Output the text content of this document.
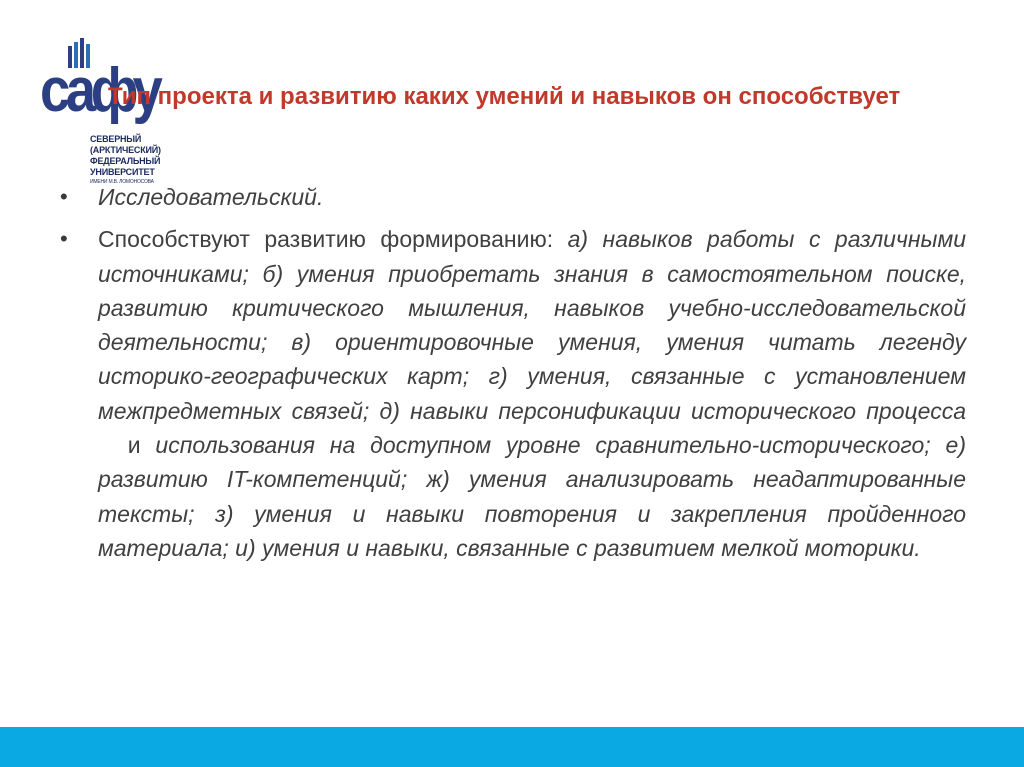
сафу
СЕВЕРНЫЙ
(АРКТИЧЕСКИЙ)
ФЕДЕРАЛЬНЫЙ
УНИВЕРСИТЕТ
ИМЕНИ М.В. ЛОМОНОСОВА
Тип проекта и развитию каких умений и навыков он способствует
•	Исследовательский.
•	Способствуют развитию формированию: а) навыков работы с различными источниками; б) умения приобретать знания в самостоятельном поиске, развитию критического мышления, навыков учебно-исследовательской деятельности; в) ориентировочные умения, умения читать легенду историко-географических карт; г) умения, связанные с установлением межпредметных связей; д) навыки персонификации исторического процесса  и использования на доступном уровне сравнительно-исторического; е) развитию IT-компетенций; ж) умения анализировать неадаптированные тексты; з) умения и навыки повторения и закрепления пройденного материала; и) умения и навыки, связанные с развитием мелкой моторики.
